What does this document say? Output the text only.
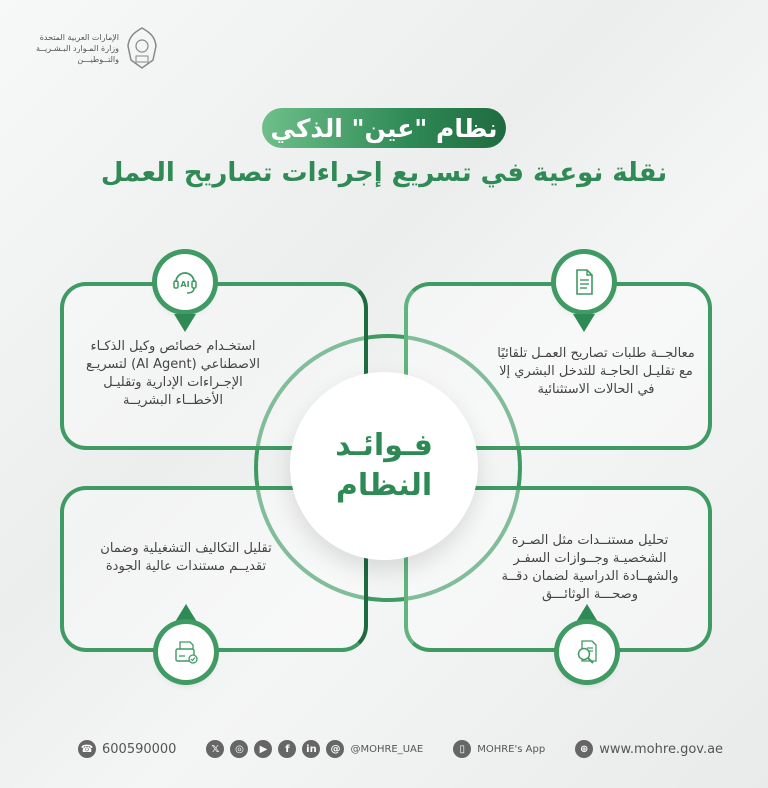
الإمارات العربية المتحدة
وزارة المـوارد البـشـريــة
والتــوطيـــن
نظام "عين" الذكي
نقلة نوعية في تسريع إجراءات تصاريح العمل
AI
استخـدام خصائص وكيل الذكـاء الاصطناعي (AI Agent) لتسريـع الإجـراءات الإدارية وتقليـل الأخطــاء البشريــة
معالجــة طلبات تصاريح العمـل تلقائيًا مع تقليـل الحاجـة للتدخل البشري إلا في الحالات الاستثنائية
تقليل التكاليف التشغيلية وضمان تقديــم مستندات عالية الجودة
تحليل مستنــدات مثل الصـرة الشخصيـة وجــوازات السفـر والشهــادة الدراسية لضمان دقــة وصحـــة الوثائـــق
فـوائـد
النظام
☎ 600590000	𝕏	◎	▶	f	in	@	@MOHRE_UAE	▯	MOHRE's App	⊕ www.mohre.gov.ae
